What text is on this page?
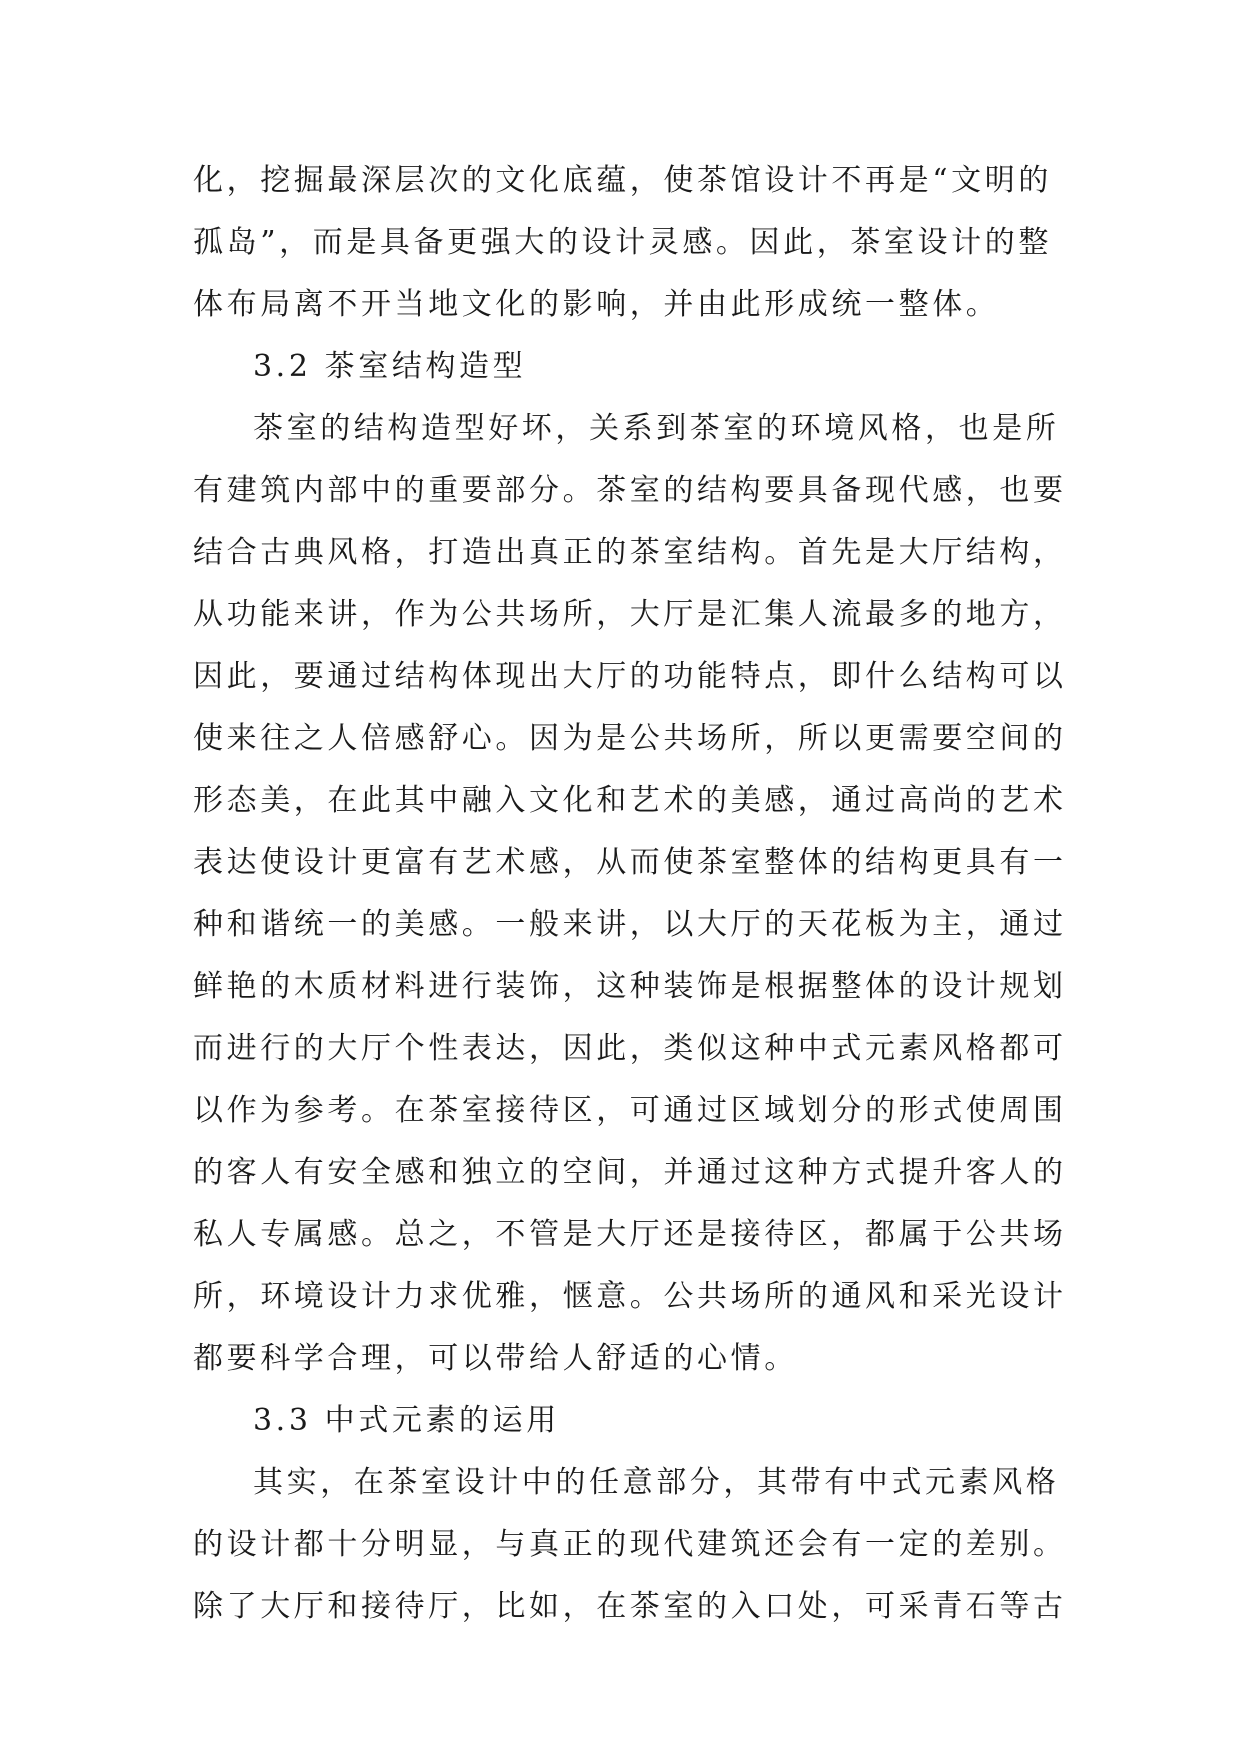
化，挖掘最深层次的文化底蕴，使茶馆设计不再是“文明的
孤岛”，而是具备更强大的设计灵感。因此，茶室设计的整
体布局离不开当地文化的影响，并由此形成统一整体。
3.2 茶室结构造型
茶室的结构造型好坏，关系到茶室的环境风格，也是所
有建筑内部中的重要部分。茶室的结构要具备现代感，也要
结合古典风格，打造出真正的茶室结构。首先是大厅结构，
从功能来讲，作为公共场所，大厅是汇集人流最多的地方，
因此，要通过结构体现出大厅的功能特点，即什么结构可以
使来往之人倍感舒心。因为是公共场所，所以更需要空间的
形态美，在此其中融入文化和艺术的美感，通过高尚的艺术
表达使设计更富有艺术感，从而使茶室整体的结构更具有一
种和谐统一的美感。一般来讲，以大厅的天花板为主，通过
鲜艳的木质材料进行装饰，这种装饰是根据整体的设计规划
而进行的大厅个性表达，因此，类似这种中式元素风格都可
以作为参考。在茶室接待区，可通过区域划分的形式使周围
的客人有安全感和独立的空间，并通过这种方式提升客人的
私人专属感。总之，不管是大厅还是接待区，都属于公共场
所，环境设计力求优雅，惬意。公共场所的通风和采光设计
都要科学合理，可以带给人舒适的心情。
3.3 中式元素的运用
其实，在茶室设计中的任意部分，其带有中式元素风格
的设计都十分明显，与真正的现代建筑还会有一定的差别。
除了大厅和接待厅，比如，在茶室的入口处，可采青石等古
